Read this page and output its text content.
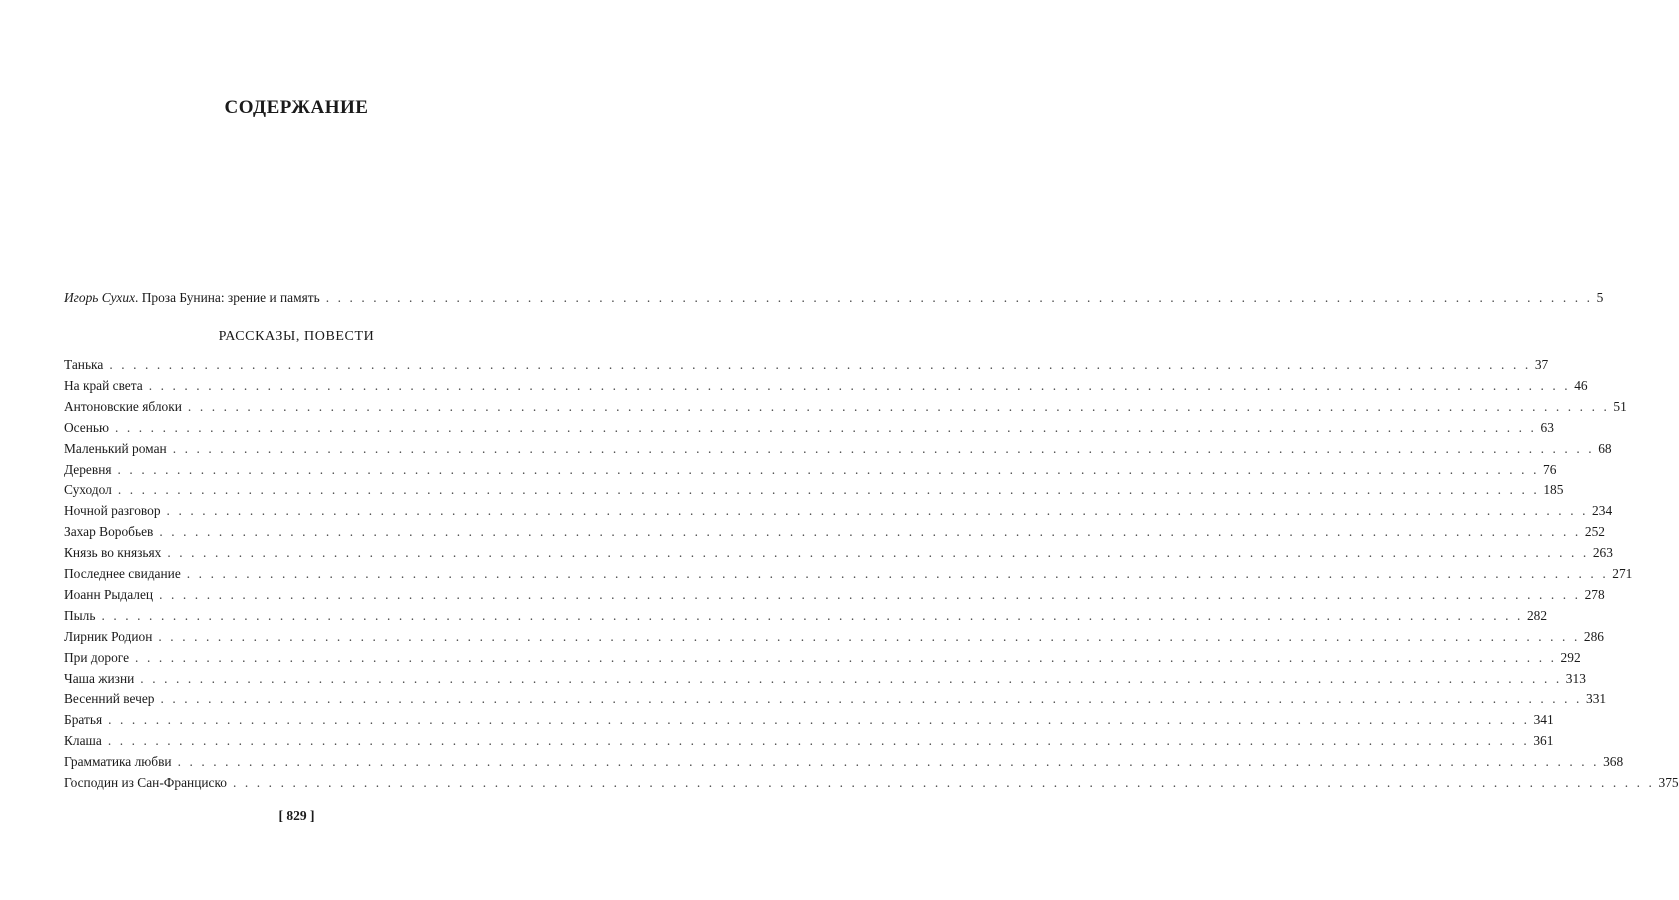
СОДЕРЖАНИЕ
Игорь Сухих. Проза Бунина: зрение и память . . . . . . . . . . . . . . . . . . . . . . . . . . . . . . . . . . . . . . . . . . . . . . . . . . . . . . . . . . . . . . . . . . . . . . . . . . . . . . . . . . . . . . . . . . . . . . . . . . . . . . . . . . . 5
РАССКАЗЫ, ПОВЕСТИ
Танька . . . . . . . . . . . . . . . . . . . . . . . . . . . . . . . . . . . . . . . . . . . . . . . . . . . . . . . . . . . . . . . . . . . . . . . . . . . . . . . . . . . . . . . . . . . . . . . . . . . . . . . . . . . . . . . . . . . . . . . . 37
На край света . . . . . . . . . . . . . . . . . . . . . . . . . . . . . . . . . . . . . . . . . . . . . . . . . . . . . . . . . . . . . . . . . . . . . . . . . . . . . . . . . . . . . . . . . . . . . . . . . . . . . . . . . . . . . . . . . . . . . . . . 46
Антоновские яблоки . . . . . . . . . . . . . . . . . . . . . . . . . . . . . . . . . . . . . . . . . . . . . . . . . . . . . . . . . . . . . . . . . . . . . . . . . . . . . . . . . . . . . . . . . . . . . . . . . . . . . . . . . . . . . . . . . . . . . . . . 51
Осенью . . . . . . . . . . . . . . . . . . . . . . . . . . . . . . . . . . . . . . . . . . . . . . . . . . . . . . . . . . . . . . . . . . . . . . . . . . . . . . . . . . . . . . . . . . . . . . . . . . . . . . . . . . . . . . . . . . . . . . . . 63
Маленький роман . . . . . . . . . . . . . . . . . . . . . . . . . . . . . . . . . . . . . . . . . . . . . . . . . . . . . . . . . . . . . . . . . . . . . . . . . . . . . . . . . . . . . . . . . . . . . . . . . . . . . . . . . . . . . . . . . . . . . . . . 68
Деревня . . . . . . . . . . . . . . . . . . . . . . . . . . . . . . . . . . . . . . . . . . . . . . . . . . . . . . . . . . . . . . . . . . . . . . . . . . . . . . . . . . . . . . . . . . . . . . . . . . . . . . . . . . . . . . . . . . . . . . . . 76
Суходол . . . . . . . . . . . . . . . . . . . . . . . . . . . . . . . . . . . . . . . . . . . . . . . . . . . . . . . . . . . . . . . . . . . . . . . . . . . . . . . . . . . . . . . . . . . . . . . . . . . . . . . . . . . . . . . . . . . . . . . . 185
Ночной разговор . . . . . . . . . . . . . . . . . . . . . . . . . . . . . . . . . . . . . . . . . . . . . . . . . . . . . . . . . . . . . . . . . . . . . . . . . . . . . . . . . . . . . . . . . . . . . . . . . . . . . . . . . . . . . . . . . . . . . . . . 234
Захар Воробьев . . . . . . . . . . . . . . . . . . . . . . . . . . . . . . . . . . . . . . . . . . . . . . . . . . . . . . . . . . . . . . . . . . . . . . . . . . . . . . . . . . . . . . . . . . . . . . . . . . . . . . . . . . . . . . . . . . . . . . . . 252
Князь во князьях . . . . . . . . . . . . . . . . . . . . . . . . . . . . . . . . . . . . . . . . . . . . . . . . . . . . . . . . . . . . . . . . . . . . . . . . . . . . . . . . . . . . . . . . . . . . . . . . . . . . . . . . . . . . . . . . . . . . . . . . 263
Последнее свидание . . . . . . . . . . . . . . . . . . . . . . . . . . . . . . . . . . . . . . . . . . . . . . . . . . . . . . . . . . . . . . . . . . . . . . . . . . . . . . . . . . . . . . . . . . . . . . . . . . . . . . . . . . . . . . . . . . . . . . . . 271
Иоанн Рыдалец . . . . . . . . . . . . . . . . . . . . . . . . . . . . . . . . . . . . . . . . . . . . . . . . . . . . . . . . . . . . . . . . . . . . . . . . . . . . . . . . . . . . . . . . . . . . . . . . . . . . . . . . . . . . . . . . . . . . . . . . 278
Пыль . . . . . . . . . . . . . . . . . . . . . . . . . . . . . . . . . . . . . . . . . . . . . . . . . . . . . . . . . . . . . . . . . . . . . . . . . . . . . . . . . . . . . . . . . . . . . . . . . . . . . . . . . . . . . . . . . . . . . . . . 282
Лирник Родион . . . . . . . . . . . . . . . . . . . . . . . . . . . . . . . . . . . . . . . . . . . . . . . . . . . . . . . . . . . . . . . . . . . . . . . . . . . . . . . . . . . . . . . . . . . . . . . . . . . . . . . . . . . . . . . . . . . . . . . . 286
При дороге . . . . . . . . . . . . . . . . . . . . . . . . . . . . . . . . . . . . . . . . . . . . . . . . . . . . . . . . . . . . . . . . . . . . . . . . . . . . . . . . . . . . . . . . . . . . . . . . . . . . . . . . . . . . . . . . . . . . . . . . 292
Чаша жизни . . . . . . . . . . . . . . . . . . . . . . . . . . . . . . . . . . . . . . . . . . . . . . . . . . . . . . . . . . . . . . . . . . . . . . . . . . . . . . . . . . . . . . . . . . . . . . . . . . . . . . . . . . . . . . . . . . . . . . . . 313
Весенний вечер . . . . . . . . . . . . . . . . . . . . . . . . . . . . . . . . . . . . . . . . . . . . . . . . . . . . . . . . . . . . . . . . . . . . . . . . . . . . . . . . . . . . . . . . . . . . . . . . . . . . . . . . . . . . . . . . . . . . . . . . 331
Братья . . . . . . . . . . . . . . . . . . . . . . . . . . . . . . . . . . . . . . . . . . . . . . . . . . . . . . . . . . . . . . . . . . . . . . . . . . . . . . . . . . . . . . . . . . . . . . . . . . . . . . . . . . . . . . . . . . . . . . . . 341
Клаша . . . . . . . . . . . . . . . . . . . . . . . . . . . . . . . . . . . . . . . . . . . . . . . . . . . . . . . . . . . . . . . . . . . . . . . . . . . . . . . . . . . . . . . . . . . . . . . . . . . . . . . . . . . . . . . . . . . . . . . . 361
Грамматика любви . . . . . . . . . . . . . . . . . . . . . . . . . . . . . . . . . . . . . . . . . . . . . . . . . . . . . . . . . . . . . . . . . . . . . . . . . . . . . . . . . . . . . . . . . . . . . . . . . . . . . . . . . . . . . . . . . . . . . . . . 368
Господин из Сан-Франциско . . . . . . . . . . . . . . . . . . . . . . . . . . . . . . . . . . . . . . . . . . . . . . . . . . . . . . . . . . . . . . . . . . . . . . . . . . . . . . . . . . . . . . . . . . . . . . . . . . . . . . . . . . . . . . . . . . . . . . . . 375
[ 829 ]
